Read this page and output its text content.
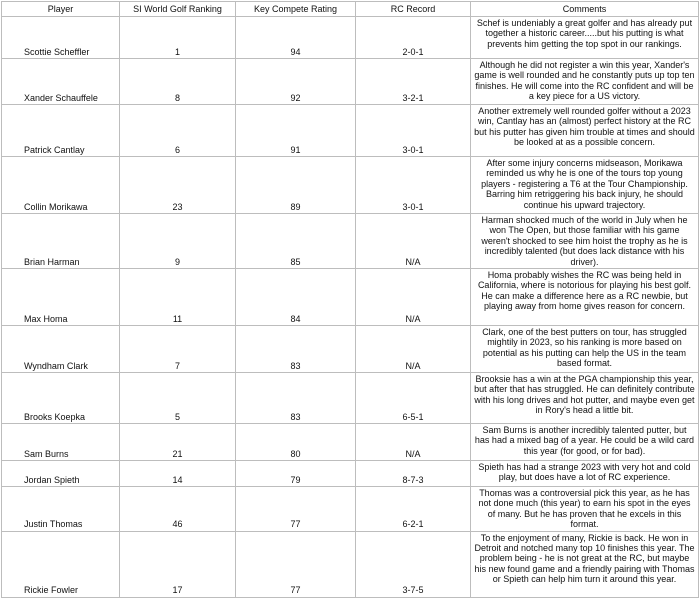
Player	SI World Golf Ranking	Key Compete Rating	RC Record	Comments
Scottie Scheffler	1	94	2-0-1	Schef is undeniably a great golfer and has already put together a historic career.....but his putting is what prevents him getting the top spot in our rankings.
Xander Schauffele	8	92	3-2-1	Although he did not register a win this year, Xander's game is well rounded and he constantly puts up top ten finishes. He will come into the RC confident and will be a key piece for a US victory.
Patrick Cantlay	6	91	3-0-1	Another extremely well rounded golfer without a 2023 win, Cantlay has an (almost) perfect history at the RC but his putter has given him trouble at times and should be looked at as a possible concern.
Collin Morikawa	23	89	3-0-1	After some injury concerns midseason, Morikawa reminded us why he is one of the tours top young players - registering a T6 at the Tour Championship. Barring him retriggering his back injury, he should continue his upward trajectory.
Brian Harman	9	85	N/A	Harman shocked much of the world in July when he won The Open, but those familiar with his game weren't shocked to see him hoist the trophy as he is incredibly talented (but does lack distance with his driver).
Max Homa	11	84	N/A	Homa probably wishes the RC was being held in California, where is notorious for playing his best golf. He can make a difference here as a RC newbie, but playing away from home gives reason for concern.
Wyndham Clark	7	83	N/A	Clark, one of the best putters on tour, has struggled mightily in 2023, so his ranking is more based on potential as his putting can help the US in the team based format.
Brooks Koepka	5	83	6-5-1	Brooksie has a win at the PGA championship this year, but after that has struggled. He can definitely contribute with his long drives and hot putter, and maybe even get in Rory's head a little bit.
Sam Burns	21	80	N/A	Sam Burns is another incredibly talented putter, but has had a mixed bag of a year. He could be a wild card this year (for good, or for bad).
Jordan Spieth	14	79	8-7-3	Spieth has had a strange 2023 with very hot and cold play, but does have a lot of RC experience.
Justin Thomas	46	77	6-2-1	Thomas was a controversial pick this year, as he has not done much (this year) to earn his spot in the eyes of many. But he has proven that he excels in this format.
Rickie Fowler	17	77	3-7-5	To the enjoyment of many, Rickie is back. He won in Detroit and notched many top 10 finishes this year. The problem being - he is not great at the RC, but maybe his new found game and a friendly pairing with Thomas or Spieth can help him turn it around this year.
